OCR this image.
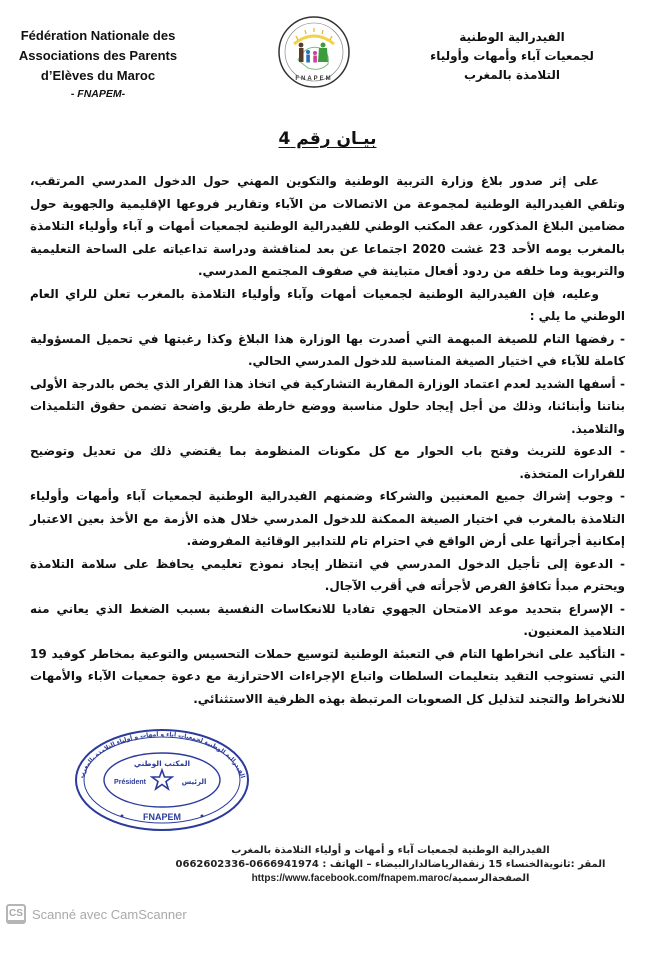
Fédération Nationale des
Associations des Parents
d’Elèves du Maroc
- FNAPEM-
FNAPEM
الفيدرالية الوطنية
لجمعيات آباء وأمهات وأولياء
التلامذة بالمغرب
بيـان رقم 4

على إثر صدور بلاغ وزارة التربية الوطنية والتكوين المهني حول الدخول المدرسي المرتقب، وتلقي الفيدرالية الوطنية لمجموعة من الاتصالات من الآباء وتقارير فروعها الإقليمية والجهوية حول مضامين البلاغ المذكور، عقد المكتب الوطني للفيدرالية الوطنية لجمعيات أمهات و آباء وأولياء التلامذة بالمغرب يومه الأحد 23 غشت 2020 اجتماعا عن بعد لمناقشة ودراسة تداعياته على الساحة التعليمية والتربوية وما خلفه من ردود أفعال متباينة في صفوف المجتمع المدرسي.

وعليه، فإن الفيدرالية الوطنية لجمعيات أمهات وآباء وأولياء التلامذة بالمغرب تعلن للراي العام الوطني ما يلي :

- رفضها التام للصيغة المبهمة التي أصدرت بها الوزارة هذا البلاغ وكذا رغبتها في تحميل المسؤولية كاملة للآباء في اختيار الصيغة المناسبة للدخول المدرسي الحالي.

- أسفها الشديد لعدم اعتماد الوزارة المقاربة التشاركية في اتخاذ هذا القرار الذي يخص بالدرجة الأولى بناتنا وأبنائنا، وذلك من أجل إيجاد حلول مناسبة ووضع خارطة طريق واضحة تضمن حقوق التلميذات والتلاميذ.

- الدعوة للتريث وفتح باب الحوار مع كل مكونات المنظومة بما يقتضي ذلك من تعديل وتوضيح للقرارات المتخذة.

- وجوب إشراك جميع المعنيين والشركاء وضمنهم الفيدرالية الوطنية لجمعيات آباء وأمهات وأولياء التلامذة بالمغرب في اختيار الصيغة الممكنة للدخول المدرسي خلال هذه الأزمة مع الأخذ بعين الاعتبار إمكانية أجرأتها على أرض الواقع في احترام تام للتدابير الوقائية المفروضة.

- الدعوة إلى تأجيل الدخول المدرسي في انتظار إيجاد نموذج تعليمي يحافظ على سلامة التلامذة ويحترم مبدأ تكافؤ الفرص لأجرأته في أقرب الآجال.

- الإسراع بتحديد موعد الامتحان الجهوي تفاديا للانعكاسات النفسية بسبب الضغط الذي يعاني منه التلاميذ المعنيون.

- التأكيد على انخراطها التام في التعبئة الوطنية لتوسيع حملات التحسيس والتوعية بمخاطر كوفيد 19 التي تستوجب التقيد بتعليمات السلطات واتباع الإجراءات الاحترازية مع دعوة جمعيات الآباء والأمهات للانخراط والتجند لتذليل كل الصعوبات المرتبطة بهذه الظرفية االاستثنائي.

الفيدرالية الوطنية لجمعيات آباء و أمهات و أولياء التلامذة بالمغرب
المكتب الوطني
Président	الرئيس
FNAPEM
الفيدرالية الوطنية لجمعيات آباء و أمهات و أولياء التلامذة بالمغرب
المقر :ثانويةالخنساء 15 زنقةالرياضالدارالبيضاء – الهاتف : 0666941974-0662602336
الصفحةالرسميةhttps://www.facebook.com/fnapem.maroc/
CS Scanné avec CamScanner
